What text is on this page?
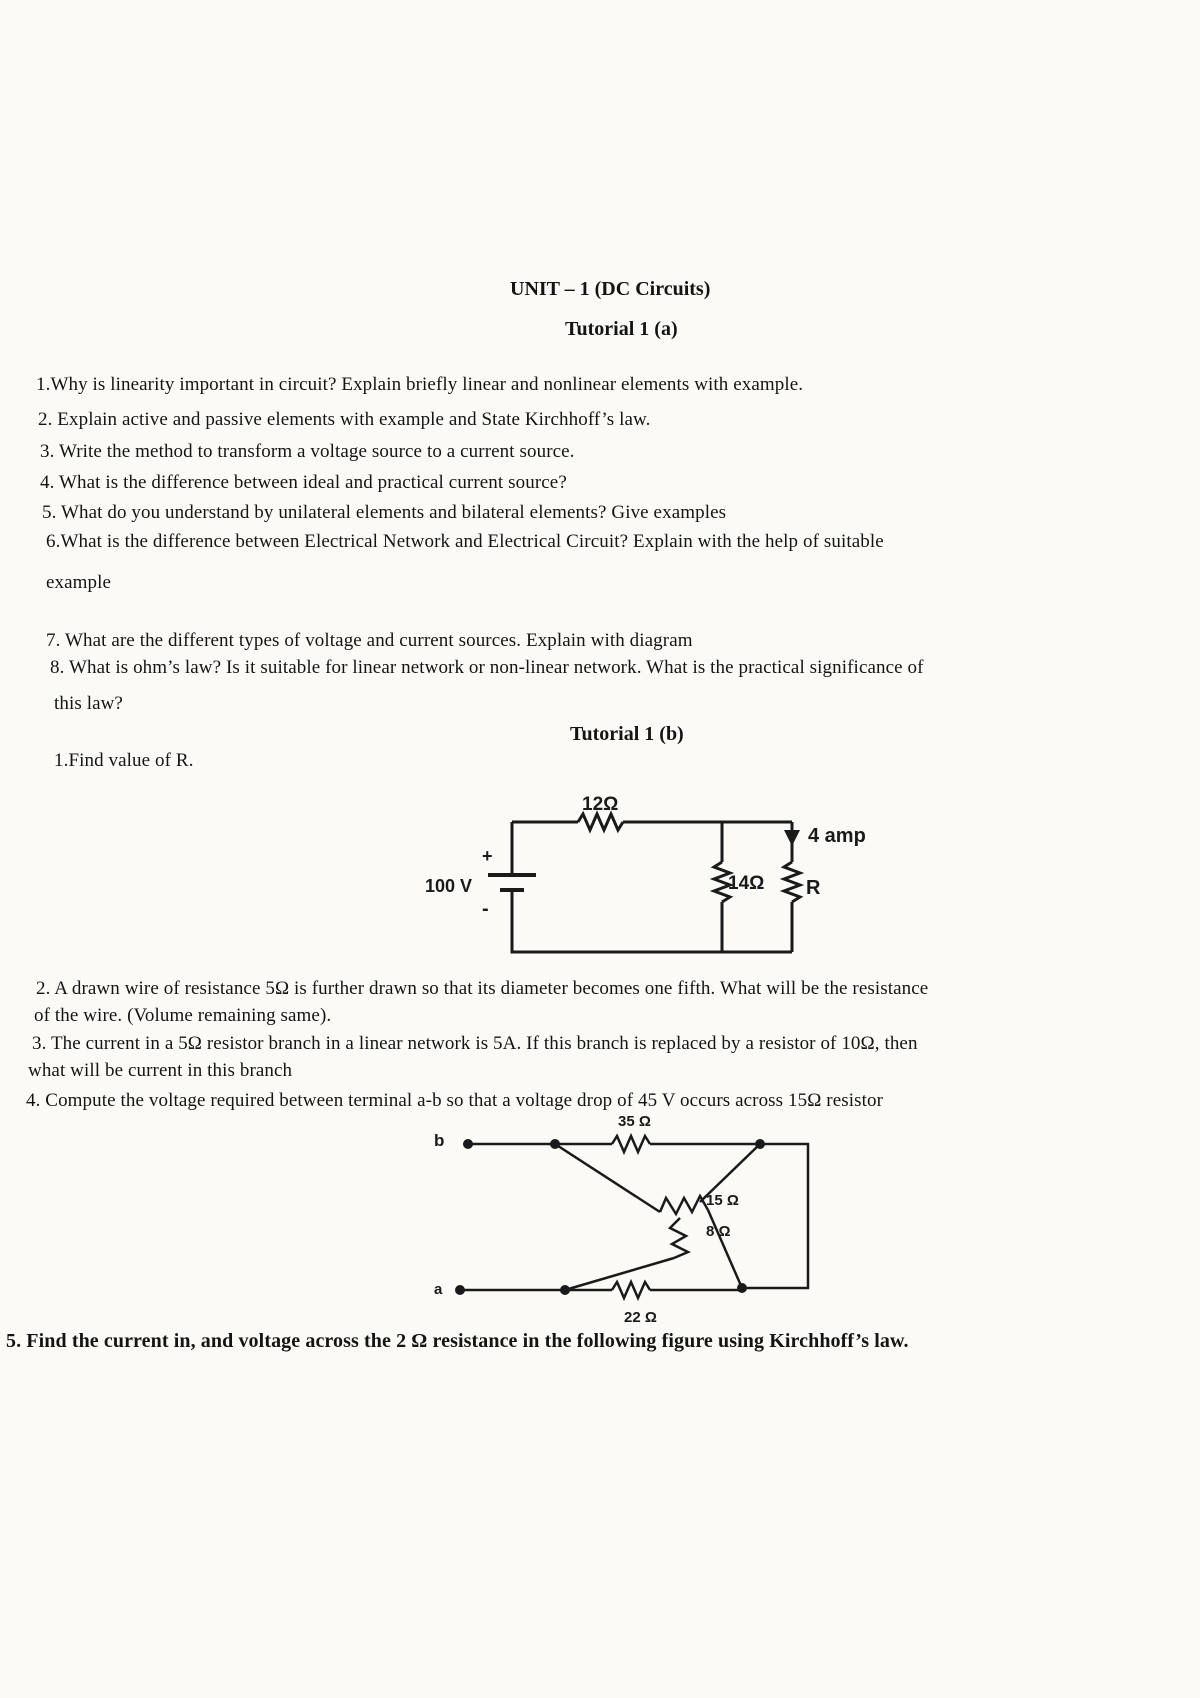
UNIT – 1 (DC Circuits)
Tutorial 1 (a)
1.Why is linearity important in circuit? Explain briefly linear and nonlinear elements with example.
2. Explain active and passive elements with example and State Kirchhoff’s law.
3. Write the method to transform a voltage source to a current source.
4. What is the difference between ideal and practical current source?
5. What do you understand by unilateral elements and bilateral elements? Give examples
6.What is the difference between Electrical Network and Electrical Circuit? Explain with the help of suitable
example
7. What are the different types of voltage and current sources. Explain with diagram
8. What is ohm’s law? Is it suitable for linear network or non-linear network. What is the practical significance of
this law?
Tutorial 1 (b)
1.Find value of R.
12Ω
14Ω R
4 amp
100 V
+
-
2. A drawn wire of resistance 5Ω is further drawn so that its diameter becomes one fifth. What will be the resistance
of the wire. (Volume remaining same).
3. The current in a 5Ω resistor branch in a linear network is 5A. If this branch is replaced by a resistor of 10Ω, then
what will be current in this branch
4. Compute the voltage required between terminal a-b so that a voltage drop of 45 V occurs across 15Ω resistor
35 Ω
15 Ω
8 Ω
22 Ω
b
a
5. Find the current in, and voltage across the 2 Ω resistance in the following figure using Kirchhoff’s law.
